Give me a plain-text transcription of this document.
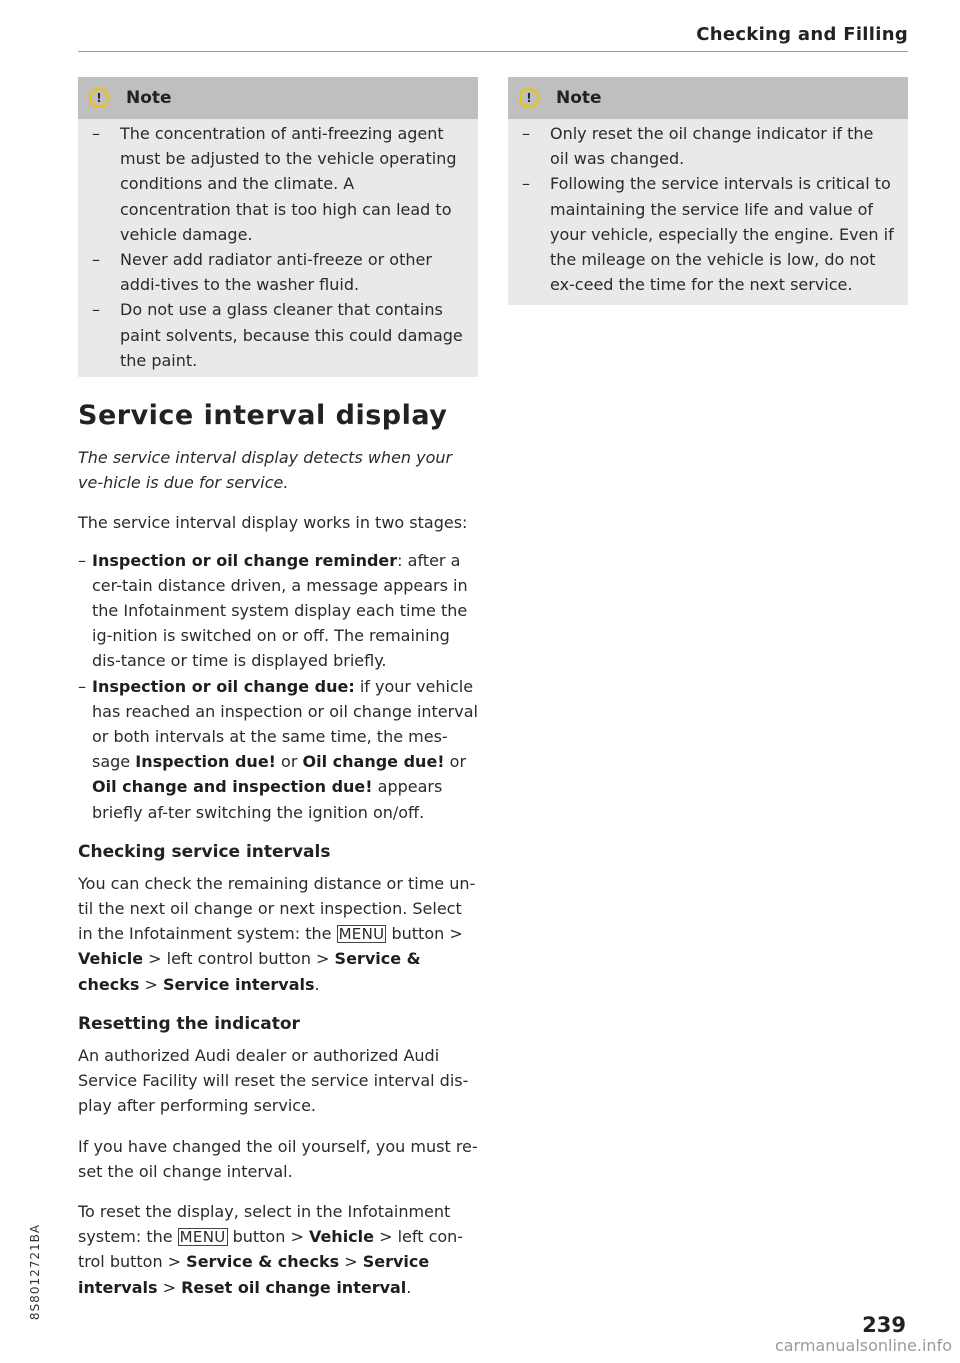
Checking and Filling
!	Note
– The concentration of anti-freezing agent must be adjusted to the vehicle operating conditions and the climate. A concentration that is too high can lead to vehicle damage.
– Never add radiator anti-freeze or other addi-tives to the washer fluid.
– Do not use a glass cleaner that contains paint solvents, because this could damage the paint.
Service interval display
The service interval display detects when your ve-hicle is due for service.

The service interval display works in two stages:

– Inspection or oil change reminder: after a cer-tain distance driven, a message appears in the Infotainment system display each time the ig-nition is switched on or off. The remaining dis-tance or time is displayed briefly.
– Inspection or oil change due: if your vehicle has reached an inspection or oil change interval or both intervals at the same time, the mes-sage Inspection due! or Oil change due! or Oil change and inspection due! appears briefly af-ter switching the ignition on/off.
Checking service intervals

You can check the remaining distance or time un-til the next oil change or next inspection. Select in the Infotainment system: the MENU button > Vehicle > left control button > Service & checks > Service intervals.

Resetting the indicator

An authorized Audi dealer or authorized Audi Service Facility will reset the service interval dis-play after performing service.

If you have changed the oil yourself, you must re-set the oil change interval.

To reset the display, select in the Infotainment system: the MENU button > Vehicle > left con-trol button > Service & checks > Service intervals > Reset oil change interval.

!	Note
– Only reset the oil change indicator if the oil was changed.
– Following the service intervals is critical to maintaining the service life and value of your vehicle, especially the engine. Even if the mileage on the vehicle is low, do not ex-ceed the time for the next service.
8S8012721BA
239
carmanualsonline.info
